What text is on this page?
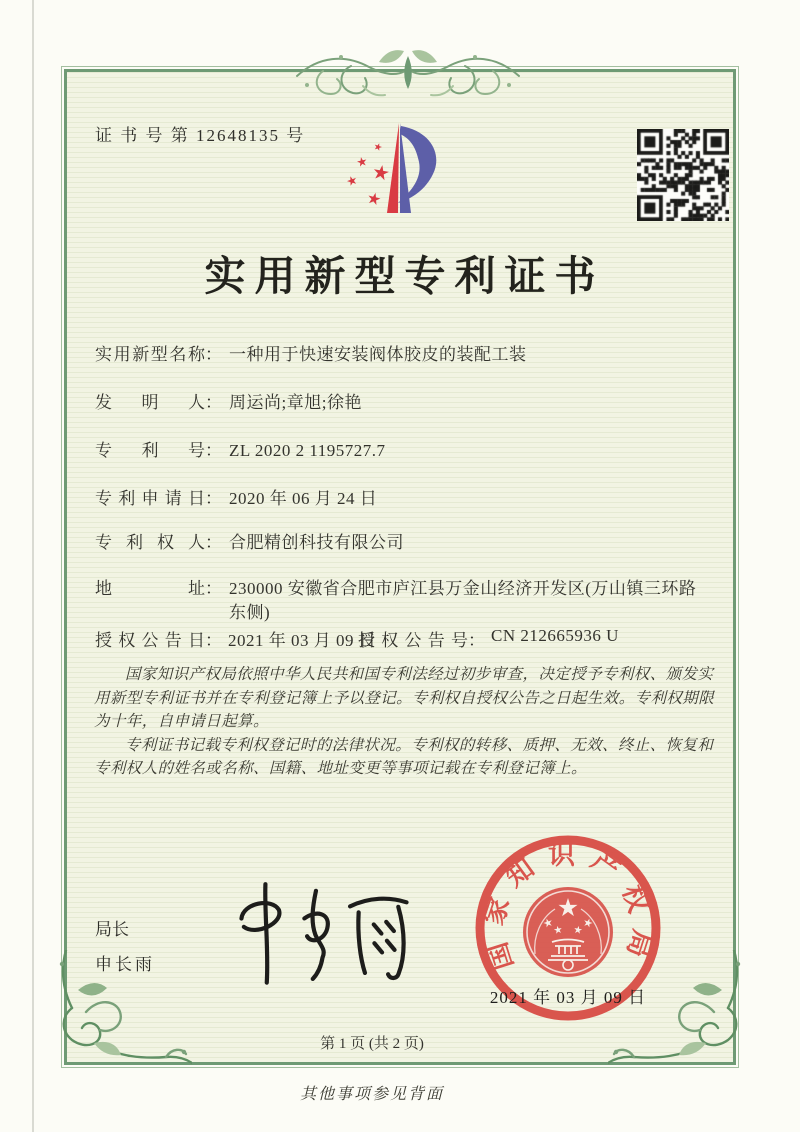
证 书 号 第 12648135 号
实用新型专利证书
实用新型名称 ： 一种用于快速安装阀体胶皮的装配工装
发明人 ： 周运尚;章旭;徐艳
专利号 ： ZL 2020 2 1195727.7
专利申请日 ： 2020 年 06 月 24 日
专利权人 ： 合肥精创科技有限公司
地址 ： 230000 安徽省合肥市庐江县万金山经济开发区(万山镇三环路东侧)
授权公告日 ： 2021 年 03 月 09 日
授权公告号 ： CN 212665936 U

国家知识产权局依照中华人民共和国专利法经过初步审查，决定授予专利权、颁发实用新型专利证书并在专利登记簿上予以登记。专利权自授权公告之日起生效。专利权期限为十年，自申请日起算。

专利证书记载专利权登记时的法律状况。专利权的转移、质押、无效、终止、恢复和专利权人的姓名或名称、国籍、地址变更等事项记载在专利登记簿上。

局长
申长雨	国家知识产权局
2021 年 03 月 09 日
第 1 页 (共 2 页)
其他事项参见背面
